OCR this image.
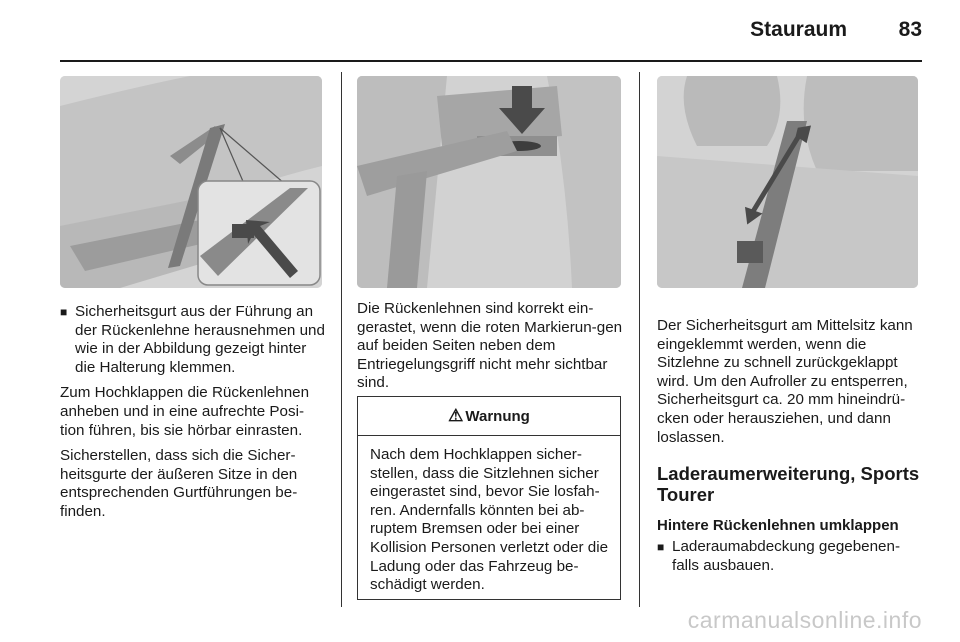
Stauraum 83
■ Sicherheitsgurt aus der Führung an der Rückenlehne herausnehmen und wie in der Abbildung gezeigt hinter die Halterung klemmen.

Zum Hochklappen die Rückenlehnen anheben und in eine aufrechte Posi-tion führen, bis sie hörbar einrasten.

Sicherstellen, dass sich die Sicher-heitsgurte der äußeren Sitze in den entsprechenden Gurtführungen be-finden.

Die Rückenlehnen sind korrekt ein-gerastet, wenn die roten Markierun-gen auf beiden Seiten neben dem Entriegelungsgriff nicht mehr sichtbar sind.

⚠ Warnung
Nach dem Hochklappen sicher-stellen, dass die Sitzlehnen sicher eingerastet sind, bevor Sie losfah-ren. Andernfalls könnten bei ab-ruptem Bremsen oder bei einer Kollision Personen verletzt oder die Ladung oder das Fahrzeug be-schädigt werden.

Der Sicherheitsgurt am Mittelsitz kann eingeklemmt werden, wenn die Sitzlehne zu schnell zurückgeklappt wird. Um den Aufroller zu entsperren, Sicherheitsgurt ca. 20 mm hineindrü-cken oder herausziehen, und dann loslassen.

Laderaumerweiterung, Sports Tourer
Hintere Rückenlehnen umklappen
■ Laderaumabdeckung gegebenen-falls ausbauen.
carmanualsonline.info
